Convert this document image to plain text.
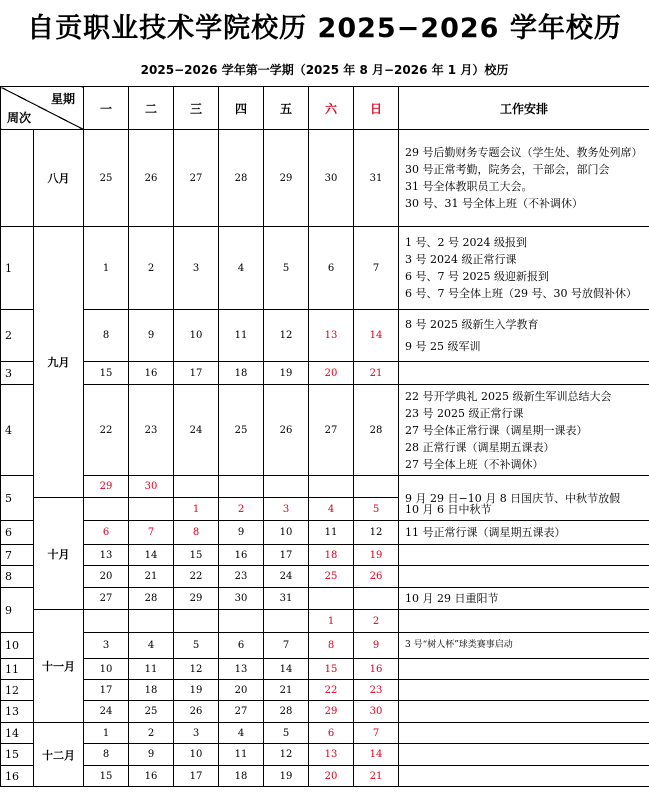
自贡职业技术学院校历 2025−2026 学年校历
2025−2026 学年第一学期（2025 年 8 月−2026 年 1 月）校历
星期
周次		一	二	三	四	五	六	日	工作安排
	八月	25	26	27	28	29	30	31	29 号后勤财务专题会议（学生处、教务处列席）
30 号正常考勤，院务会，干部会，部门会
31 号全体教职员工大会。
30 号、31 号全体上班（不补调休）

1	九月	1	2	3	4	5	6	7	1 号、2 号 2024 级报到
3 号 2024 级正常行课
6 号、7 号 2025 级迎新报到
6 号、7 号全体上班（29 号、30 号放假补休）

2		8	9	10	11	12	13	14	8 号 2025 级新生入学教育
9 号 25 级军训

3		15	16	17	18	19	20	21	
4		22	23	24	25	26	27	28	22 号开学典礼 2025 级新生军训总结大会
23 号 2025 级正常行课
27 号全体正常行课（调星期一课表）
28 正常行课（调星期五课表）
27 号全体上班（不补调休）

5		29	30						9 月 29 日−10 月 8 日国庆节、中秋节放假
	十月			1	2	3	4	5	
6		6	7	8	9	10	11	12	10 月 6 日中秋节
11 号正常行课（调星期五课表）

7		13	14	15	16	17	18	19	
8		20	21	22	23	24	25	26	
9		27	28	29	30	31			10 月 29 日重阳节
	十一月						1	2	
10		3	4	5	6	7	8	9	3 号“树人杯”球类赛事启动
11		10	11	12	13	14	15	16	
12		17	18	19	20	21	22	23	
13		24	25	26	27	28	29	30	
14	十二月	1	2	3	4	5	6	7	
15		8	9	10	11	12	13	14	
16		15	16	17	18	19	20	21	
